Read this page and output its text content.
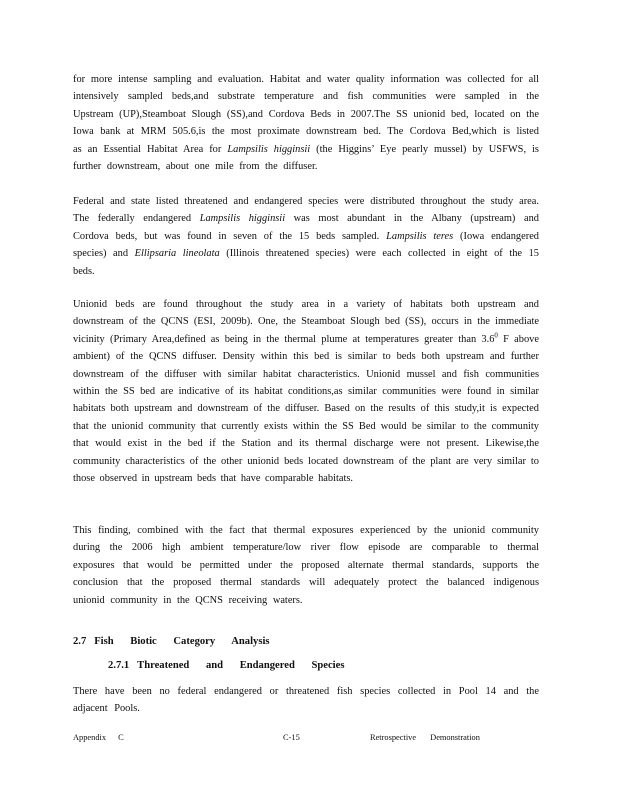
for more intense sampling and evaluation. Habitat and water quality information was collected for all intensively sampled beds,and substrate temperature and fish communities were sampled in the Upstream (UP),Steamboat Slough (SS),and Cordova Beds in 2007.The SS unionid bed, located on the Iowa bank at MRM 505.6,is the most proximate downstream bed. The Cordova Bed,which is listed as an Essential Habitat Area for Lampsilis higginsii (the Higgins’ Eye pearly mussel) by USFWS, is further downstream, about one mile from the diffuser.

Federal and state listed threatened and endangered species were distributed throughout the study area. The federally endangered Lampsilis higginsii was most abundant in the Albany (upstream) and Cordova beds, but was found in seven of the 15 beds sampled. Lampsilis teres (Iowa endangered species) and Ellipsaria lineolata (Illinois threatened species) were each collected in eight of the 15 beds.

Unionid beds are found throughout the study area in a variety of habitats both upstream and downstream of the QCNS (ESI, 2009b). One, the Steamboat Slough bed (SS), occurs in the immediate vicinity (Primary Area,defined as being in the thermal plume at temperatures greater than $3.6^0$ F above ambient) of the QCNS diffuser. Density within this bed is similar to beds both upstream and further downstream of the diffuser with similar habitat characteristics. Unionid mussel and fish communities within the SS bed are indicative of its habitat conditions,as similar communities were found in similar habitats both upstream and downstream of the diffuser. Based on the results of this study,it is expected that the unionid community that currently exists within the SS Bed would be similar to the community that would exist in the bed if the Station and its thermal discharge were not present. Likewise,the community characteristics of the other unionid beds located downstream of the plant are very similar to those observed in upstream beds that have comparable habitats.

This finding, combined with the fact that thermal exposures experienced by the unionid community during the 2006 high ambient temperature/low river flow episode are comparable to thermal exposures that would be permitted under the proposed alternate thermal standards, supports the conclusion that the proposed thermal standards will adequately protect the balanced indigenous unionid community in the QCNS receiving waters.

2.7 Fish Biotic Category Analysis
2.7.1 Threatened and Endangered Species

There have been no federal endangered or threatened fish species collected in Pool 14 and the adjacent Pools.

Appendix C	C-15	Retrospective Demonstration
